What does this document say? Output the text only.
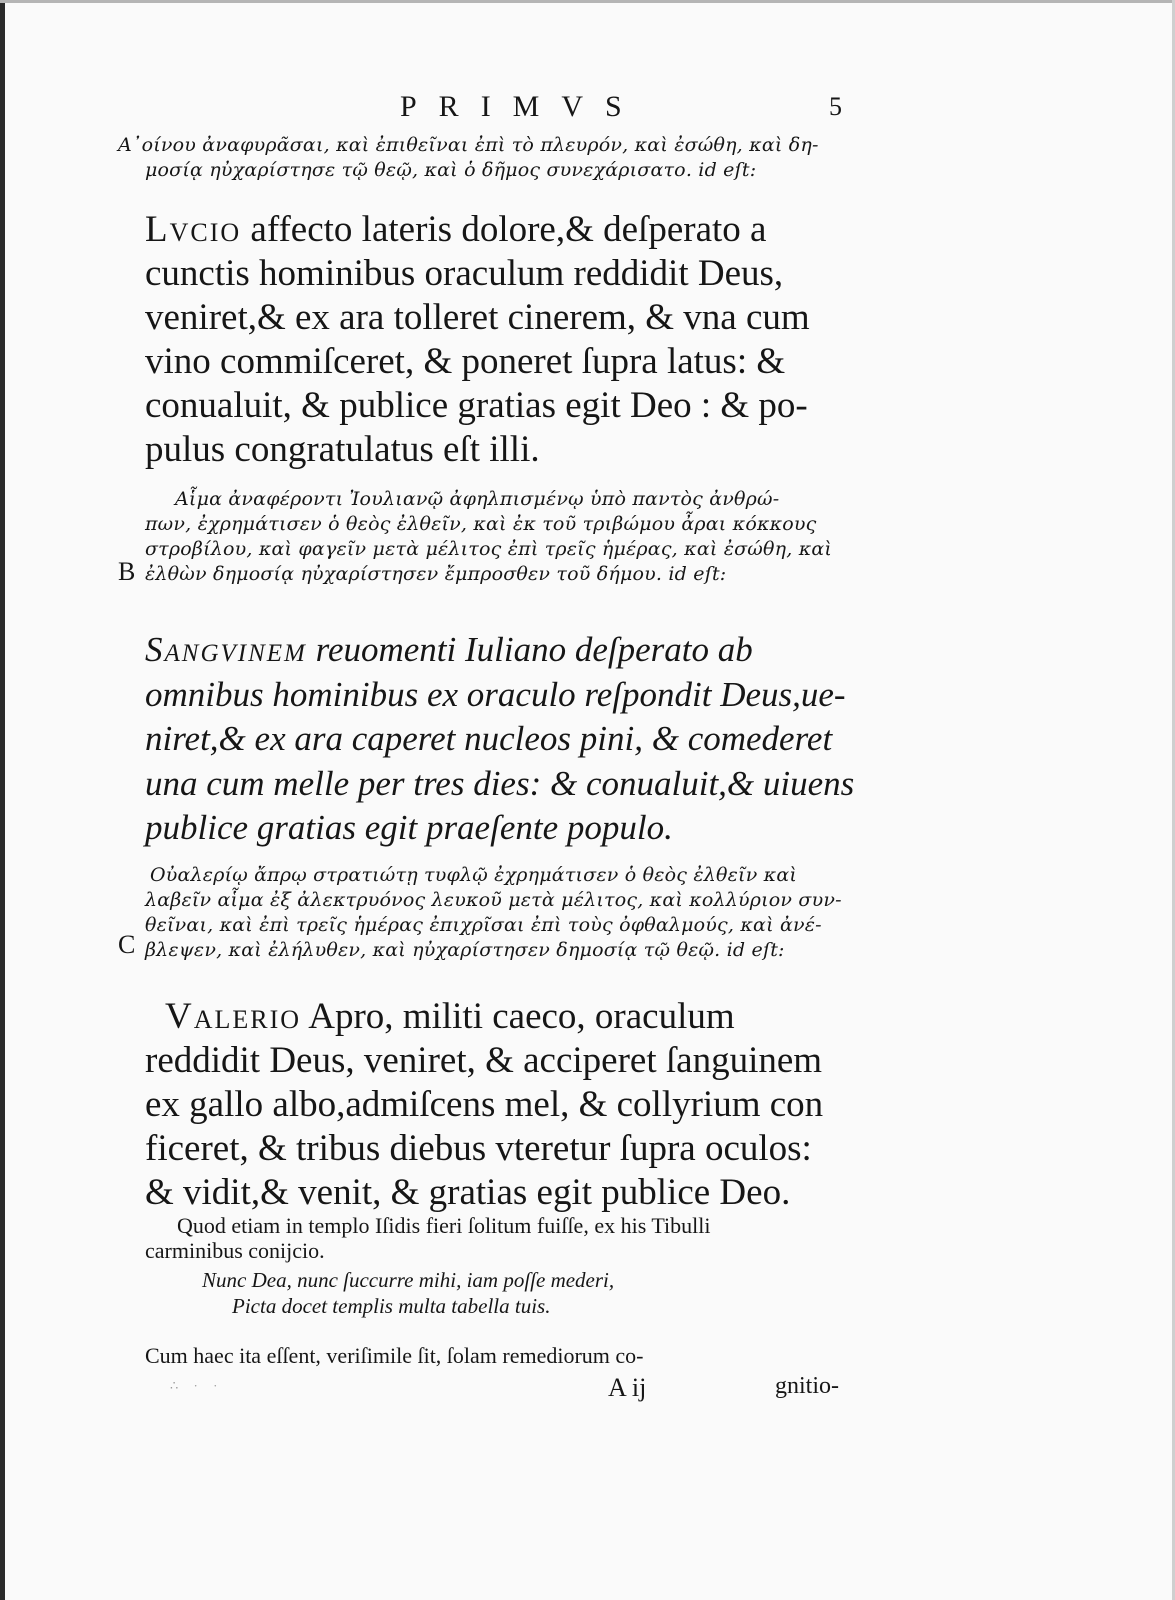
PRIMVS	5

Α᾿οίνου ἀναφυρᾶσαι, καὶ ἐπιθεῖναι ἐπὶ τὸ πλευρόν, καὶ ἐσώθη, καὶ δη-

μοσίᾳ ηὐχαρίστησε τῷ θεῷ, καὶ ὁ δῆμος συνεχάρισατο. id eſt:

Lvcio affecto lateris dolore,& deſperato a

cunctis hominibus oraculum reddidit Deus,

veniret,& ex ara tolleret cinerem, & vna cum

vino commiſceret, & poneret ſupra latus: &

conualuit, & publice gratias egit Deo : & po-

pulus congratulatus eſt illi.

Αἷμα ἀναφέροντι Ἰουλιανῷ ἀφηλπισμένῳ ὑπὸ παντὸς ἀνθρώ-

πων, ἐχρημάτισεν ὁ θεὸς ἐλθεῖν, καὶ ἐκ τοῦ τριβώμου ἆραι κόκκους

στροβίλου, καὶ φαγεῖν μετὰ μέλιτος ἐπὶ τρεῖς ἡμέρας, καὶ ἐσώθη, καὶ

ἐλθὼν δημοσίᾳ ηὐχαρίστησεν ἔμπροσθεν τοῦ δήμου. id eſt:

B

Sangvinem reuomenti Iuliano deſperato ab

omnibus hominibus ex oraculo reſpondit Deus,ue-

niret,& ex ara caperet nucleos pini, & comederet

una cum melle per tres dies: & conualuit,& uiuens

publice gratias egit praeſente populo.

Οὐαλερίῳ ἄπρῳ στρατιώτῃ τυφλῷ ἐχρημάτισεν ὁ θεὸς ἐλθεῖν καὶ

λαβεῖν αἷμα ἐξ ἀλεκτρυόνος λευκοῦ μετὰ μέλιτος, καὶ κολλύριον συν-

θεῖναι, καὶ ἐπὶ τρεῖς ἡμέρας ἐπιχρῖσαι ἐπὶ τοὺς ὀφθαλμούς, καὶ ἀνέ-

βλεψεν, καὶ ἐλήλυθεν, καὶ ηὐχαρίστησεν δημοσίᾳ τῷ θεῷ. id eſt:

C

Valerio Apro, militi caeco, oraculum

reddidit Deus, veniret, & acciperet ſanguinem

ex gallo albo,admiſcens mel, & collyrium con

ficeret, & tribus diebus vteretur ſupra oculos:

& vidit,& venit, & gratias egit publice Deo.

Quod etiam in templo Iſidis fieri ſolitum fuiſſe, ex his Tibulli

carminibus conijcio.

Nunc Dea, nunc ſuccurre mihi, iam poſſe mederi,

Picta docet templis multa tabella tuis.

Cum haec ita eſſent, veriſimile ſit, ſolam remediorum co-

∴ · ·	A ij	gnitio-
